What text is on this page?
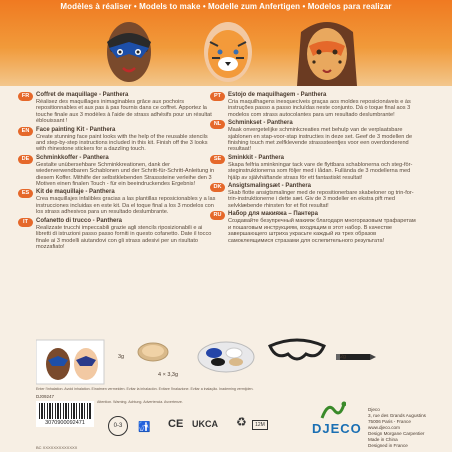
Modèles à réaliser • Models to make • Modelle zum Anfertigen • Modelos para realizar
FR	Coffret de maquillage - Panthera
Réalisez des maquillages inimaginables grâce aux pochoirs repositionnables et aux pas à pas fournis dans ce coffret. Apportez la touche finale aux 3 modèles à l'aide de strass adhésifs pour un résultat éblouissant !
EN	Face painting Kit - Panthera
Create stunning face paint looks with the help of the reusable stencils and step-by-step instructions included in this kit. Finish off the 3 looks with rhinestone stickers for a dazzling touch.
DE	Schminkkoffer - Panthera
Gestalte unübersehbare Schminkkreationen, dank der wiederverwendbaren Schablonen und der Schritt-für-Schritt-Anleitung in diesem Koffer. Mithilfe der selbstklebenden Strasssteine verleihe den 3 Motiven einen finalen Touch - für ein beeindruckendes Ergebnis!
ES	Kit de maquillaje - Panthera
Crea maquillajes infalibles gracias a las plantillas reposicionables y a las instrucciones incluidas en este kit. Da el toque final a los 3 modelos con los strass adhesivos para un resultado deslumbrante.
IT	Cofanetto di trucco - Panthera
Realizzate trucchi impeccabili grazie agli stencils riposizionabili e ai libretti di istruzioni passo passo forniti in questo cofanetto. Date il tocco finale ai 3 modelli aiutandovi con gli strass adesivi per un risultato mozzafiato!
PT	Estojo de maquilhagem - Panthera
Cria maquilhagens inesquecíveis graças aos moldes reposicionáveis e às instruções passo a passo incluídas neste conjunto. Dá o toque final aos 3 modelos com strass autocolantes para um resultado deslumbrante!
NL	Schminkset - Panthera
Maak onvergetelijke schminkcreaties met behulp van de verplaatsbare sjablonen en stap-voor-stap instructies in deze set. Geef de 3 modellen de finishing touch met zelfklevende strasssteentjes voor een overdonderend resultaat!
SE	Sminkkit - Panthera
Skapa felfria sminkningar tack vare de flyttbara schablonerna och steg-för-steginstruktionerna som följer med i lådan. Fullända de 3 modellerna med hjälp av självhäftande strass för ett fantastiskt resultat!
DK	Ansigtsmalingsæt - Panthera
Skab flotte ansigtsmalinger med de repositionerbare skabeloner og trin-for-trin-instruktionerne i dette sæt. Giv de 3 modeller en ekstra pift med selvklæbende rhinsten for et flot resultat!
RU	Набор для макияжа – Пантера
Создавайте безупречный макияж благодаря многоразовым трафаретам и пошаговым инструкциям, входящим в этот набор. В качестве завершающего штриха украсьте каждый из трех образов самоклеящимися стразами для ослепительного результата!
3g
4 × 3,3g
2g
Enter l'inhalation. Avoid inhalation. Einatmen vermeiden. Evitar la inhalación. Evitare l'inalazione. Evitar a inalação. Inademing vermijden.
DJ09247
Attention. Warning. Achtung. Advertencia. Avvertenze.
3070900092471
BC XXXXXXXXXXXXX
0-3	🚮 CE UKCA ♻	12M	DJECO
Djeco
3, rue des Grands Augustins
75006 Paris - France
www.djeco.com
Design Morgane Carpentier
Made in China
Designed in France
